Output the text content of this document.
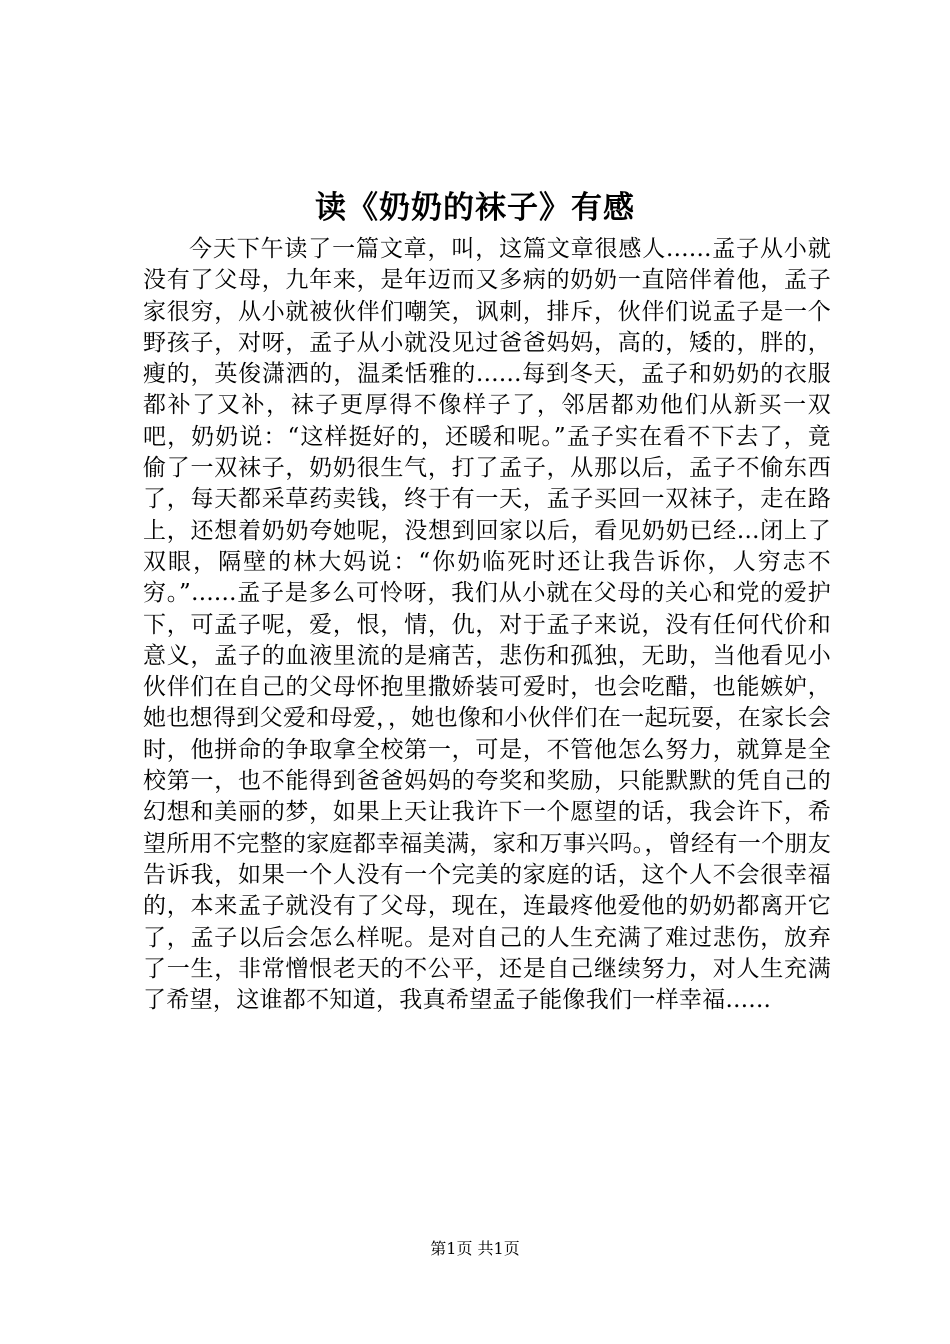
读《奶奶的袜子》有感

今天下午读了一篇文章，叫，这篇文章很感人......孟子从小就没有了父母，九年来，是年迈而又多病的奶奶一直陪伴着他，孟子家很穷，从小就被伙伴们嘲笑，讽刺，排斥，伙伴们说孟子是一个野孩子，对呀，孟子从小就没见过爸爸妈妈，高的，矮的，胖的，瘦的，英俊潇洒的，温柔恬雅的......每到冬天，孟子和奶奶的衣服都补了又补，袜子更厚得不像样子了，邻居都劝他们从新买一双吧，奶奶说：“这样挺好的，还暖和呢。”孟子实在看不下去了，竟偷了一双袜子，奶奶很生气，打了孟子，从那以后，孟子不偷东西了，每天都采草药卖钱，终于有一天，孟子买回一双袜子，走在路上，还想着奶奶夸她呢，没想到回家以后，看见奶奶已经...闭上了双眼，隔壁的林大妈说：“你奶临死时还让我告诉你，人穷志不穷。”......孟子是多么可怜呀，我们从小就在父母的关心和党的爱护下，可孟子呢，爱，恨，情，仇，对于孟子来说，没有任何代价和意义，孟子的血液里流的是痛苦，悲伤和孤独，无助，当他看见小伙伴们在自己的父母怀抱里撒娇装可爱时，也会吃醋，也能嫉妒，她也想得到父爱和母爱，，她也像和小伙伴们在一起玩耍，在家长会时，他拼命的争取拿全校第一，可是，不管他怎么努力，就算是全校第一，也不能得到爸爸妈妈的夸奖和奖励，只能默默的凭自己的幻想和美丽的梦，如果上天让我许下一个愿望的话，我会许下，希望所用不完整的家庭都幸福美满，家和万事兴吗。，曾经有一个朋友告诉我，如果一个人没有一个完美的家庭的话，这个人不会很幸福的，本来孟子就没有了父母，现在，连最疼他爱他的奶奶都离开它了，孟子以后会怎么样呢。是对自己的人生充满了难过悲伤，放弃了一生，非常憎恨老天的不公平，还是自己继续努力，对人生充满了希望，这谁都不知道，我真希望孟子能像我们一样幸福......

第1页 共1页
